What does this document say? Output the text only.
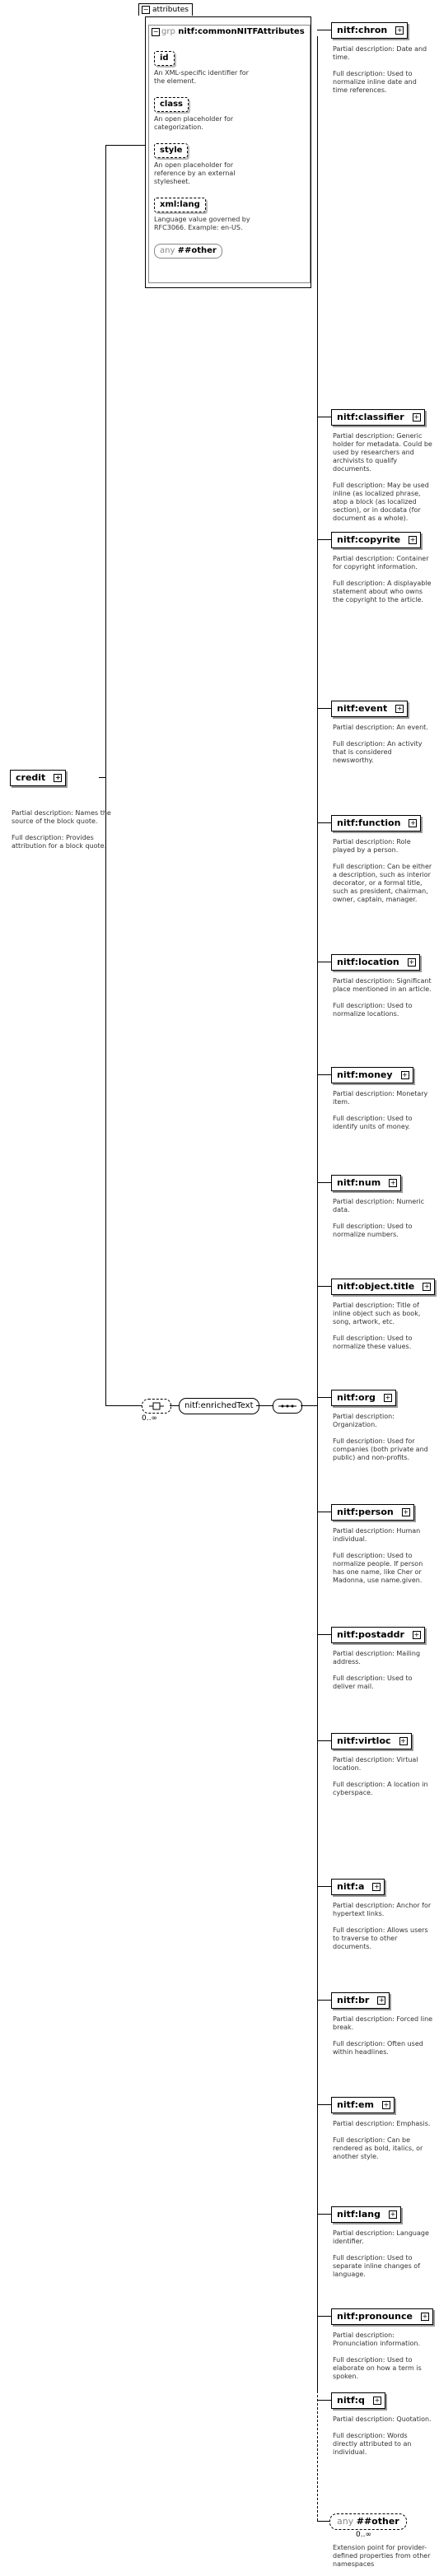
− attributes
− grp nitf:commonNITFAttributes
id
An XML-specific identifier for the element.
class
An open placeholder for categorization.
style
An open placeholder for reference by an external stylesheet.
xml:lang
Language value governed by RFC3066. Example: en-US.
any ##other
credit +
Partial description: Names the source of the block quote.
Full description: Provides attribution for a block quote.
0..∞
nitf:enrichedText
nitf:chron +

Partial description: Date and time.

Full description: Used to normalize inline date and time references.

nitf:classifier +

Partial description: Generic holder for metadata. Could be used by researchers and archivists to qualify documents.

Full description: May be used inline (as localized phrase, atop a block (as localized section), or in docdata (for document as a whole).

nitf:copyrite +

Partial description: Container for copyright information.

Full description: A displayable statement about who owns the copyright to the article.

nitf:event +

Partial description: An event.

Full description: An activity that is considered newsworthy.

nitf:function +

Partial description: Role played by a person.

Full description: Can be either a description, such as interior decorator, or a formal title, such as president, chairman, owner, captain, manager.

nitf:location +

Partial description: Significant place mentioned in an article.

Full description: Used to normalize locations.

nitf:money +

Partial description: Monetary item.

Full description: Used to identify units of money.

nitf:num +

Partial description: Numeric data.

Full description: Used to normalize numbers.

nitf:object.title +

Partial description: Title of inline object such as book, song, artwork, etc.

Full description: Used to normalize these values.

nitf:org +

Partial description: Organization.

Full description: Used for companies (both private and public) and non-profits.

nitf:person +

Partial description: Human individual.

Full description: Used to normalize people. If person has one name, like Cher or Madonna, use name.given.

nitf:postaddr +

Partial description: Mailing address.

Full description: Used to deliver mail.

nitf:virtloc +

Partial description: Virtual location.

Full description: A location in cyberspace.

nitf:a +

Partial description: Anchor for hypertext links.

Full description: Allows users to traverse to other documents.

nitf:br +

Partial description: Forced line break.

Full description: Often used within headlines.

nitf:em +

Partial description: Emphasis.

Full description: Can be rendered as bold, italics, or another style.

nitf:lang +

Partial description: Language identifier.

Full description: Used to separate inline changes of language.

nitf:pronounce +

Partial description: Pronunciation information.

Full description: Used to elaborate on how a term is spoken.

nitf:q +

Partial description: Quotation.

Full description: Words directly attributed to an individual.

any ##other
0..∞
Extension point for provider-defined properties from other namespaces
